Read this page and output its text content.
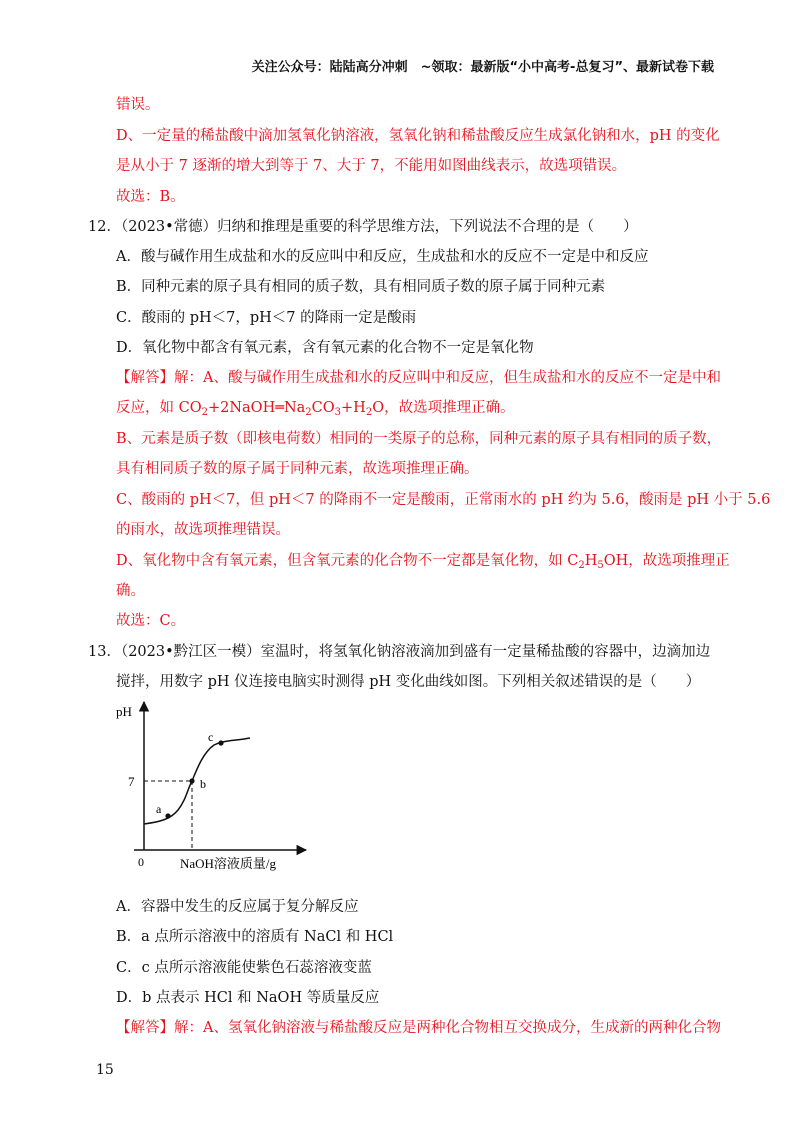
关注公众号：陆陆高分冲刺　~领取：最新版“小中高考-总复习”、最新试卷下载
错误。
D、一定量的稀盐酸中滴加氢氧化钠溶液，氢氧化钠和稀盐酸反应生成氯化钠和水，pH 的变化
是从小于 7 逐渐的增大到等于 7、大于 7，不能用如图曲线表示，故选项错误。
故选：B。
12．（2023•常德）归纳和推理是重要的科学思维方法，下列说法不合理的是（　　）
A．酸与碱作用生成盐和水的反应叫中和反应，生成盐和水的反应不一定是中和反应
B．同种元素的原子具有相同的质子数，具有相同质子数的原子属于同种元素
C．酸雨的 pH＜7，pH＜7 的降雨一定是酸雨
D．氧化物中都含有氧元素，含有氧元素的化合物不一定是氧化物
【解答】解：A、酸与碱作用生成盐和水的反应叫中和反应，但生成盐和水的反应不一定是中和
反应，如 $CO_2+2NaOH═Na_2CO_3+H_2O$，故选项推理正确。
B、元素是质子数（即核电荷数）相同的一类原子的总称，同种元素的原子具有相同的质子数，
具有相同质子数的原子属于同种元素，故选项推理正确。
C、酸雨的 pH＜7，但 pH＜7 的降雨不一定是酸雨，正常雨水的 pH 约为 5.6，酸雨是 pH 小于 5.6
的雨水，故选项推理错误。
D、氧化物中含有氧元素，但含氧元素的化合物不一定都是氧化物，如 $C_2H_5OH$，故选项推理正
确。
故选：C。
13．（2023•黔江区一模）室温时，将氢氧化钠溶液滴加到盛有一定量稀盐酸的容器中，边滴加边
搅拌，用数字 pH 仪连接电脑实时测得 pH 变化曲线如图。下列相关叙述错误的是（　　）
pH
7
0
a
b
c
NaOH溶液质量/g
A．容器中发生的反应属于复分解反应
B．a 点所示溶液中的溶质有 NaCl 和 HCl
C．c 点所示溶液能使紫色石蕊溶液变蓝
D．b 点表示 HCl 和 NaOH 等质量反应
【解答】解：A、氢氧化钠溶液与稀盐酸反应是两种化合物相互交换成分，生成新的两种化合物
15
